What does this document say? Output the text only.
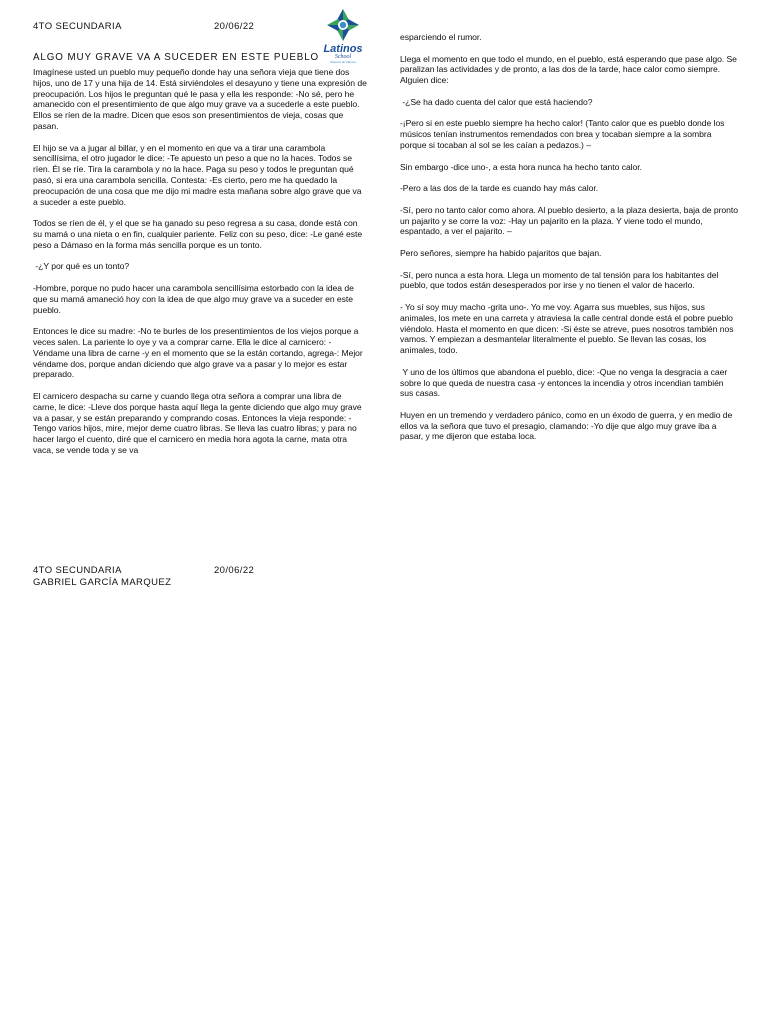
4TO SECUNDARIA	20/06/22
Latinos
School
Sistema de Valores
ALGO MUY GRAVE VA A SUCEDER EN ESTE PUEBLO

Imagínese usted un pueblo muy pequeño donde hay una señora vieja que tiene dos hijos, uno de 17 y una hija de 14. Está sirviéndoles el desayuno y tiene una expresión de preocupación. Los hijos le preguntan qué le pasa y ella les responde: -No sé, pero he amanecido con el presentimiento de que algo muy grave va a sucederle a este pueblo. Ellos se ríen de la madre. Dicen que esos son presentimientos de vieja, cosas que pasan.

El hijo se va a jugar al billar, y en el momento en que va a tirar una carambola sencillísima, el otro jugador le dice: -Te apuesto un peso a que no la haces. Todos se ríen. Él se ríe. Tira la carambola y no la hace. Paga su peso y todos le preguntan qué pasó, si era una carambola sencilla. Contesta: -Es cierto, pero me ha quedado la preocupación de una cosa que me dijo mi madre esta mañana sobre algo grave que va a suceder a este pueblo.

Todos se ríen de él, y el que se ha ganado su peso regresa a su casa, donde está con su mamá o una nieta o en fin, cualquier pariente. Feliz con su peso, dice: -Le gané este peso a Dámaso en la forma más sencilla porque es un tonto.

-¿Y por qué es un tonto?

-Hombre, porque no pudo hacer una carambola sencillísima estorbado con la idea de que su mamá amaneció hoy con la idea de que algo muy grave va a suceder en este pueblo.

Entonces le dice su madre: -No te burles de los presentimientos de los viejos porque a veces salen. La pariente lo oye y va a comprar carne. Ella le dice al carnicero: -Véndame una libra de carne -y en el momento que se la están cortando, agrega-: Mejor véndame dos, porque andan diciendo que algo grave va a pasar y lo mejor es estar preparado.

El carnicero despacha su carne y cuando llega otra señora a comprar una libra de carne, le dice: -Lleve dos porque hasta aquí llega la gente diciendo que algo muy grave va a pasar, y se están preparando y comprando cosas. Entonces la vieja responde: -Tengo varios hijos, mire, mejor deme cuatro libras. Se lleva las cuatro libras; y para no hacer largo el cuento, diré que el carnicero en media hora agota la carne, mata otra vaca, se vende toda y se va

esparciendo el rumor.

Llega el momento en que todo el mundo, en el pueblo, está esperando que pase algo. Se paralizan las actividades y de pronto, a las dos de la tarde, hace calor como siempre. Alguien dice:

-¿Se ha dado cuenta del calor que está haciendo?

-¡Pero si en este pueblo siempre ha hecho calor! (Tanto calor que es pueblo donde los músicos tenían instrumentos remendados con brea y tocaban siempre a la sombra porque si tocaban al sol se les caían a pedazos.) –

Sin embargo -dice uno-, a esta hora nunca ha hecho tanto calor.

-Pero a las dos de la tarde es cuando hay más calor.

-Sí, pero no tanto calor como ahora. Al pueblo desierto, a la plaza desierta, baja de pronto un pajarito y se corre la voz: -Hay un pajarito en la plaza. Y viene todo el mundo, espantado, a ver el pajarito. –

Pero señores, siempre ha habido pajaritos que bajan.

-Sí, pero nunca a esta hora. Llega un momento de tal tensión para los habitantes del pueblo, que todos están desesperados por irse y no tienen el valor de hacerlo.

- Yo sí soy muy macho -grita uno-. Yo me voy. Agarra sus muebles, sus hijos, sus animales, los mete en una carreta y atraviesa la calle central donde está el pobre pueblo viéndolo. Hasta el momento en que dicen: -Si éste se atreve, pues nosotros también nos vamos. Y empiezan a desmantelar literalmente el pueblo. Se llevan las cosas, los animales, todo.

Y uno de los últimos que abandona el pueblo, dice: -Que no venga la desgracia a caer sobre lo que queda de nuestra casa -y entonces la incendia y otros incendian también sus casas.

Huyen en un tremendo y verdadero pánico, como en un éxodo de guerra, y en medio de ellos va la señora que tuvo el presagio, clamando: -Yo dije que algo muy grave iba a pasar, y me dijeron que estaba loca.

4TO SECUNDARIA	20/06/22
GABRIEL GARCÍA MARQUEZ
